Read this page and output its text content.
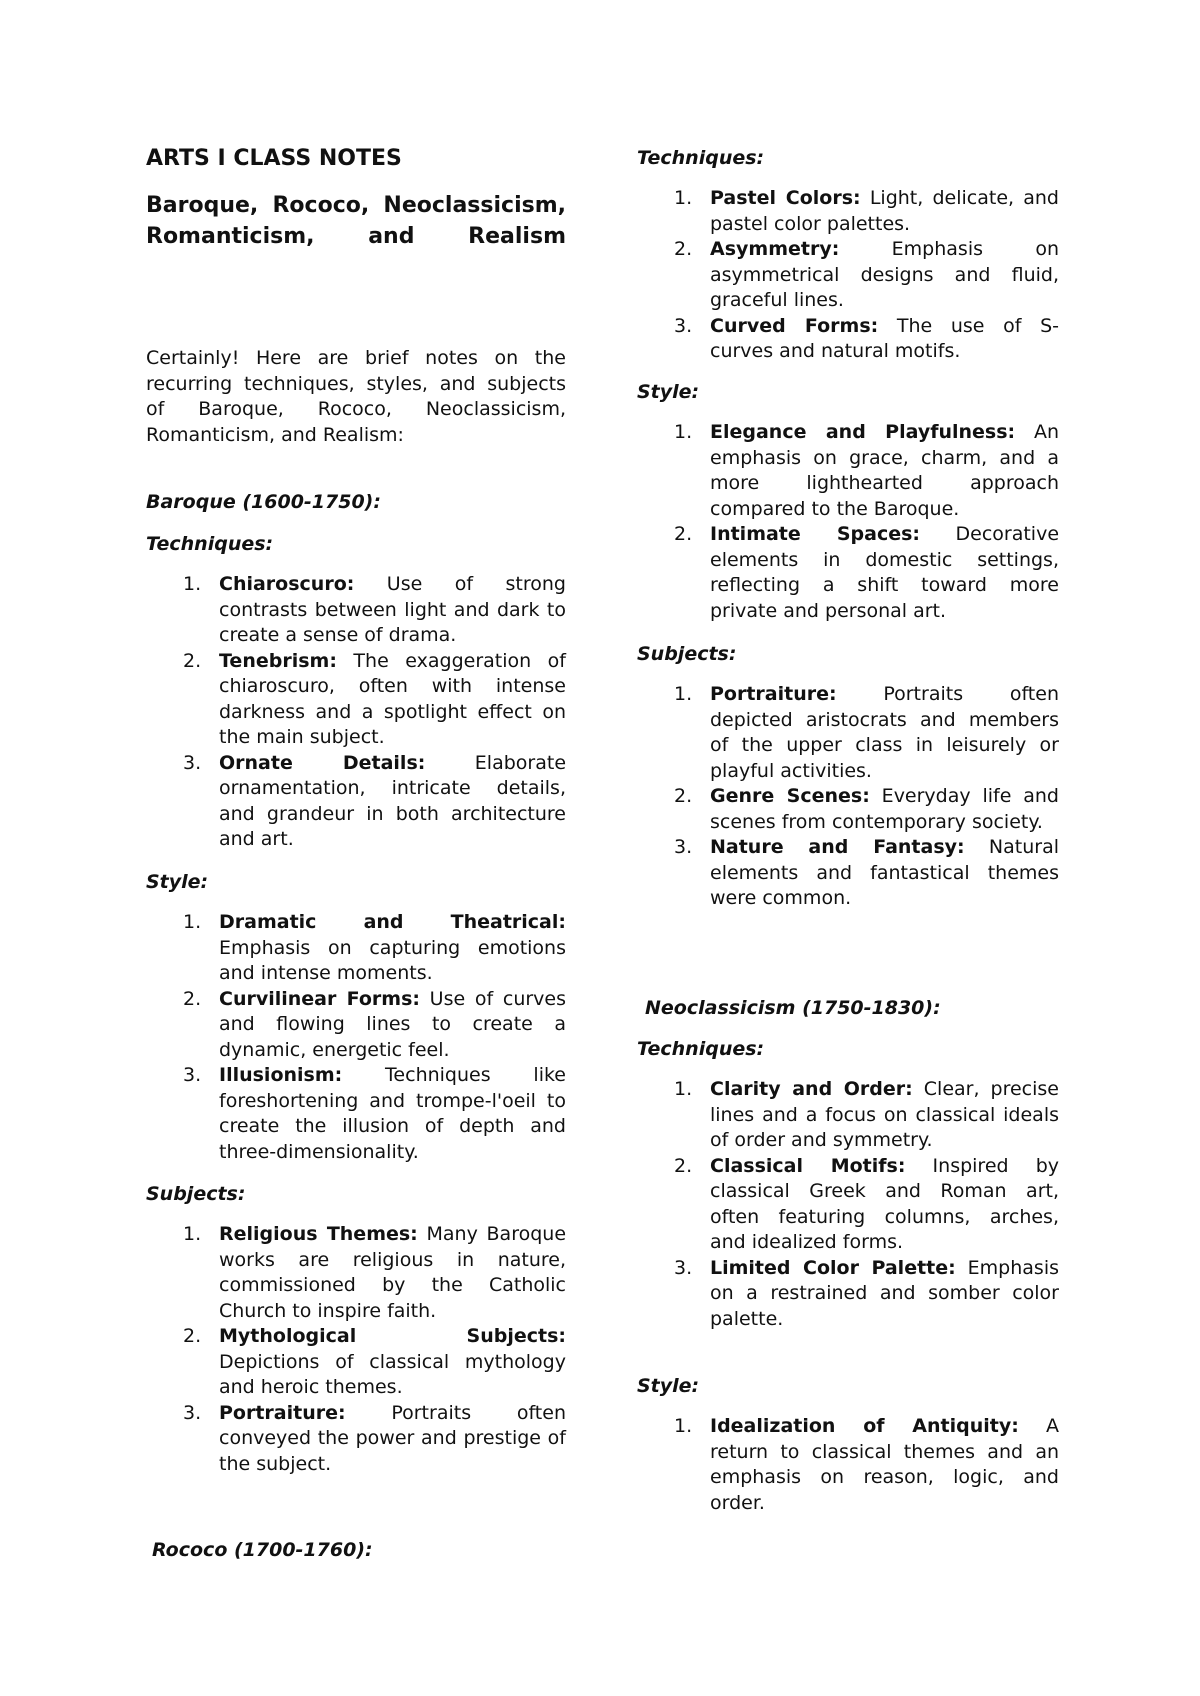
ARTS I CLASS NOTES
Baroque, Rococo, Neoclassicism, Romanticism, and Realism

Certainly! Here are brief notes on the recurring techniques, styles, and subjects of Baroque, Rococo, Neoclassicism, Romanticism, and Realism:

Baroque (1600-1750):

Techniques:

1. Chiaroscuro: Use of strong contrasts between light and dark to create a sense of drama.
2. Tenebrism: The exaggeration of chiaroscuro, often with intense darkness and a spotlight effect on the main subject.
3. Ornate Details: Elaborate ornamentation, intricate details, and grandeur in both architecture and art.

Style:

1. Dramatic and Theatrical: Emphasis on capturing emotions and intense moments.
2. Curvilinear Forms: Use of curves and flowing lines to create a dynamic, energetic feel.
3. Illusionism: Techniques like foreshortening and trompe-l'oeil to create the illusion of depth and three-dimensionality.

Subjects:

1. Religious Themes: Many Baroque works are religious in nature, commissioned by the Catholic Church to inspire faith.
2. Mythological Subjects: Depictions of classical mythology and heroic themes.
3. Portraiture: Portraits often conveyed the power and prestige of the subject.

Rococo (1700-1760):

Techniques:

1. Pastel Colors: Light, delicate, and pastel color palettes.
2. Asymmetry: Emphasis on asymmetrical designs and fluid, graceful lines.
3. Curved Forms: The use of S-curves and natural motifs.

Style:

1. Elegance and Playfulness: An emphasis on grace, charm, and a more lighthearted approach compared to the Baroque.
2. Intimate Spaces: Decorative elements in domestic settings, reflecting a shift toward more private and personal art.

Subjects:

1. Portraiture: Portraits often depicted aristocrats and members of the upper class in leisurely or playful activities.
2. Genre Scenes: Everyday life and scenes from contemporary society.
3. Nature and Fantasy: Natural elements and fantastical themes were common.

Neoclassicism (1750-1830):

Techniques:

1. Clarity and Order: Clear, precise lines and a focus on classical ideals of order and symmetry.
2. Classical Motifs: Inspired by classical Greek and Roman art, often featuring columns, arches, and idealized forms.
3. Limited Color Palette: Emphasis on a restrained and somber color palette.

Style:

1. Idealization of Antiquity: A return to classical themes and an emphasis on reason, logic, and order.
